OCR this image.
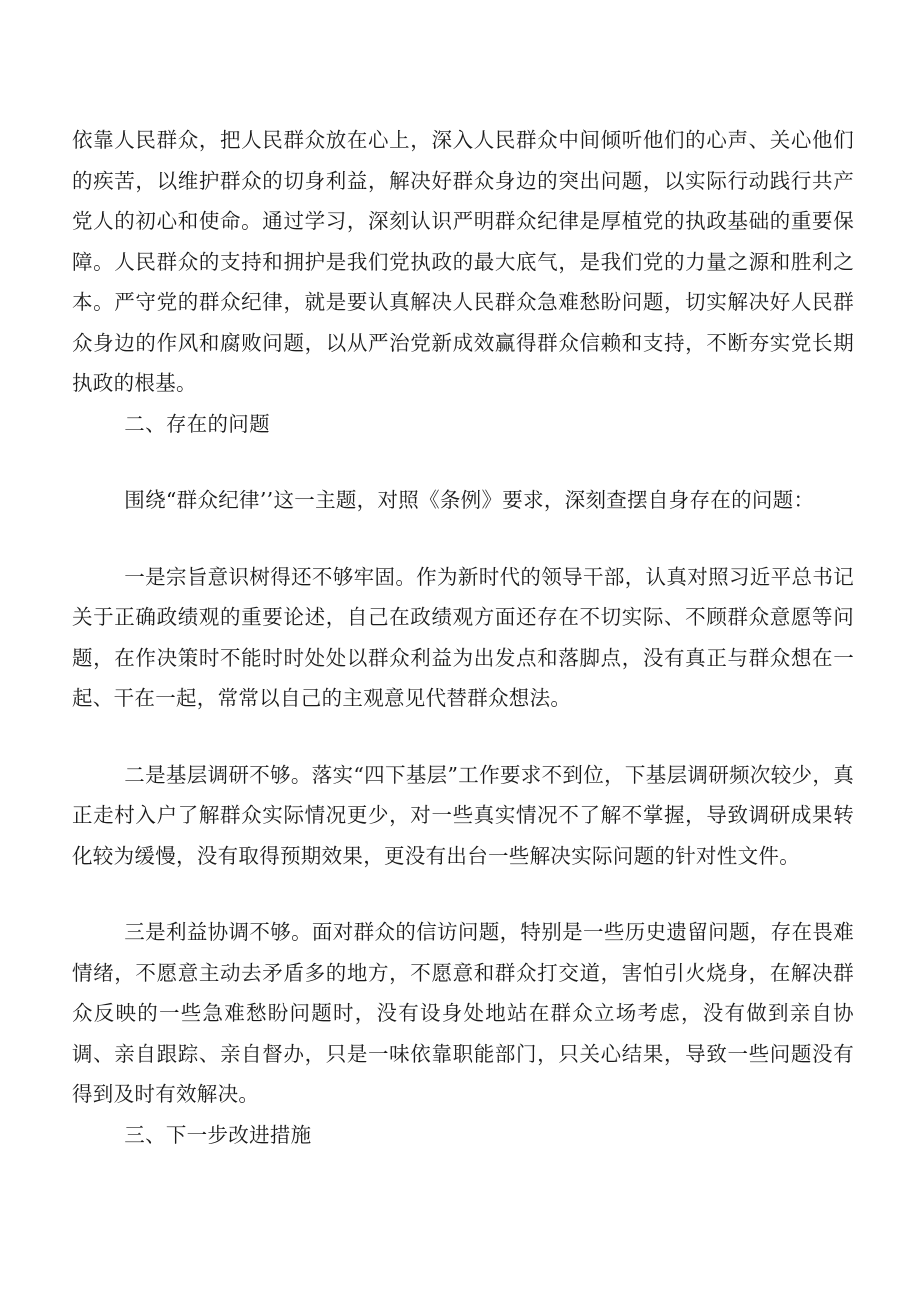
依靠人民群众，把人民群众放在心上，深入人民群众中间倾听他们的心声、关心他们的疾苦，以维护群众的切身利益，解决好群众身边的突出问题，以实际行动践行共产党人的初心和使命。通过学习，深刻认识严明群众纪律是厚植党的执政基础的重要保障。人民群众的支持和拥护是我们党执政的最大底气，是我们党的力量之源和胜利之本。严守党的群众纪律，就是要认真解决人民群众急难愁盼问题，切实解决好人民群众身边的作风和腐败问题，以从严治党新成效赢得群众信赖和支持，不断夯实党长期执政的根基。

二、存在的问题

围绕“群众纪律’’这一主题，对照《条例》要求，深刻查摆自身存在的问题：

一是宗旨意识树得还不够牢固。作为新时代的领导干部，认真对照习近平总书记关于正确政绩观的重要论述，自己在政绩观方面还存在不切实际、不顾群众意愿等问题，在作决策时不能时时处处以群众利益为出发点和落脚点，没有真正与群众想在一起、干在一起，常常以自己的主观意见代替群众想法。

二是基层调研不够。落实“四下基层”工作要求不到位，下基层调研频次较少，真正走村入户了解群众实际情况更少，对一些真实情况不了解不掌握，导致调研成果转化较为缓慢，没有取得预期效果，更没有出台一些解决实际问题的针对性文件。

三是利益协调不够。面对群众的信访问题，特别是一些历史遗留问题，存在畏难情绪，不愿意主动去矛盾多的地方，不愿意和群众打交道，害怕引火烧身，在解决群众反映的一些急难愁盼问题时，没有设身处地站在群众立场考虑，没有做到亲自协调、亲自跟踪、亲自督办，只是一味依靠职能部门，只关心结果，导致一些问题没有得到及时有效解决。

三、下一步改进措施
